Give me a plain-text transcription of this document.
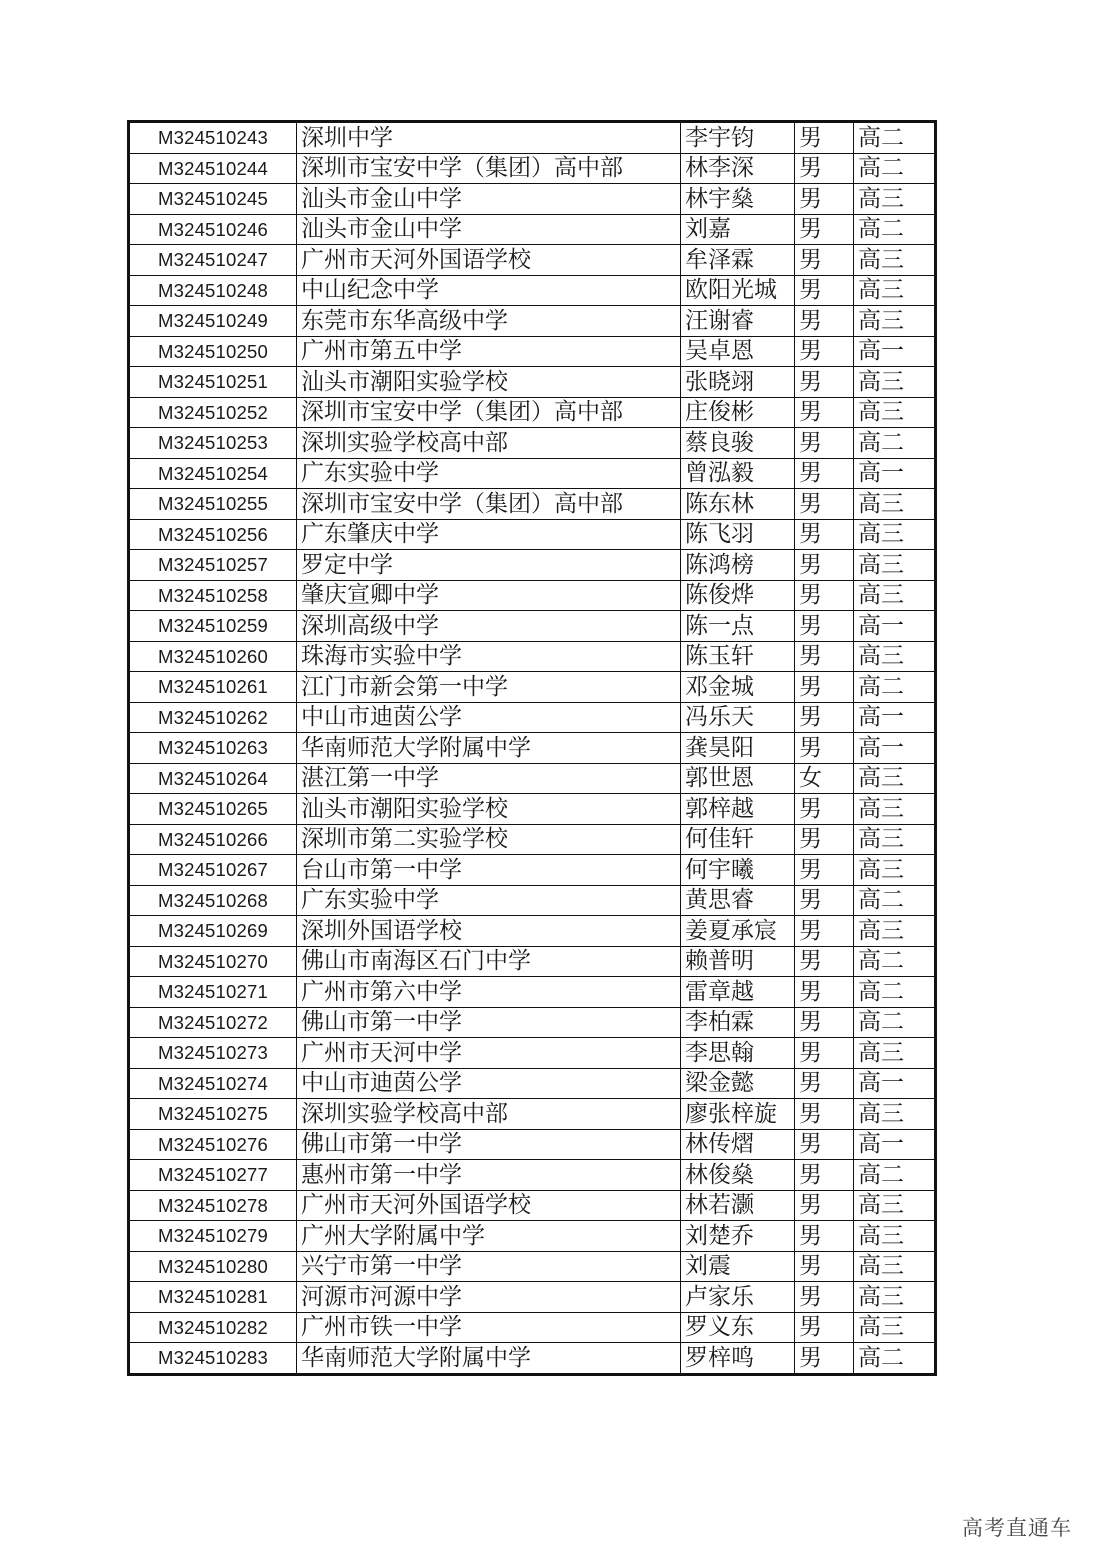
M324510243	深圳中学	李宇钧	男	高二
M324510244	深圳市宝安中学（集团）高中部	林李深	男	高二
M324510245	汕头市金山中学	林宇燊	男	高三
M324510246	汕头市金山中学	刘嘉	男	高二
M324510247	广州市天河外国语学校	牟泽霖	男	高三
M324510248	中山纪念中学	欧阳光城	男	高三
M324510249	东莞市东华高级中学	汪谢睿	男	高三
M324510250	广州市第五中学	吴卓恩	男	高一
M324510251	汕头市潮阳实验学校	张晓翊	男	高三
M324510252	深圳市宝安中学（集团）高中部	庄俊彬	男	高三
M324510253	深圳实验学校高中部	蔡良骏	男	高二
M324510254	广东实验中学	曾泓毅	男	高一
M324510255	深圳市宝安中学（集团）高中部	陈东林	男	高三
M324510256	广东肇庆中学	陈飞羽	男	高三
M324510257	罗定中学	陈鸿榜	男	高三
M324510258	肇庆宣卿中学	陈俊烨	男	高三
M324510259	深圳高级中学	陈一点	男	高一
M324510260	珠海市实验中学	陈玉轩	男	高三
M324510261	江门市新会第一中学	邓金城	男	高二
M324510262	中山市迪茵公学	冯乐天	男	高一
M324510263	华南师范大学附属中学	龚昊阳	男	高一
M324510264	湛江第一中学	郭世恩	女	高三
M324510265	汕头市潮阳实验学校	郭梓越	男	高三
M324510266	深圳市第二实验学校	何佳轩	男	高三
M324510267	台山市第一中学	何宇曦	男	高三
M324510268	广东实验中学	黄思睿	男	高二
M324510269	深圳外国语学校	姜夏承宸	男	高三
M324510270	佛山市南海区石门中学	赖普明	男	高二
M324510271	广州市第六中学	雷章越	男	高二
M324510272	佛山市第一中学	李柏霖	男	高二
M324510273	广州市天河中学	李思翰	男	高三
M324510274	中山市迪茵公学	梁金懿	男	高一
M324510275	深圳实验学校高中部	廖张梓旋	男	高三
M324510276	佛山市第一中学	林传熠	男	高一
M324510277	惠州市第一中学	林俊燊	男	高二
M324510278	广州市天河外国语学校	林若灏	男	高三
M324510279	广州大学附属中学	刘楚乔	男	高三
M324510280	兴宁市第一中学	刘震	男	高三
M324510281	河源市河源中学	卢家乐	男	高三
M324510282	广州市铁一中学	罗义东	男	高三
M324510283	华南师范大学附属中学	罗梓鸣	男	高二
高考直通车
